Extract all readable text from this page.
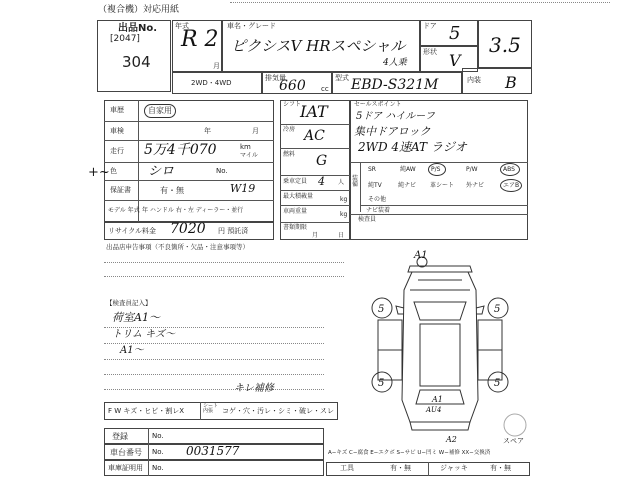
（複合機）対応用紙
出品No.
[2047]
304
年式
R 2
月
車名・グレード
ピクシスV HRスペシャル
4人乗
ドア 5
形状 V
3.5
2WD・4WD
排気量
660 cc
型式 EBD-S321M	内装 B
車歴	自家用
車検	年	月
走行 5万4千070	km
マイル
色 シロ	No.
保証書	有・無	W19
モデル 年式 年 ハンドル 右・左 ディーラー・並行
リサイクル料金 7020 円 預託済
出品店申告事項（不良箇所・欠品・注意事項等）
+~
シフト
IAT
冷房 AC
燃料 G
乗車定員 4 人
最大積載量	kg
車両重量	kg
書類期限
月	日
セールスポイント
5ドア ハイルーフ
集中ドアロック
2WD 4速AT ラジオ
装備
SR	純AW	P/S	P/W	ABS
純TV	純ナビ 革シート 外ナビ	エアB
その他
ナビ装着
検査員
【検査員記入】
荷室A1〜
トリム キズ〜
A1〜
キレ補修
F W キズ・ヒビ・割レX
シート 内張	コゲ・穴・汚レ・シミ・破レ・スレ
登録	No.
車台番号 No. 0031577
車庫証明用 No.
A−キズ C−腐食 E−エクボ S−サビ U−凹ミ W−補修 XX−交換済
工具	有・無	ジャッキ	有・無
A1
5	5
5	5
A1
A2
AU4
スペア
